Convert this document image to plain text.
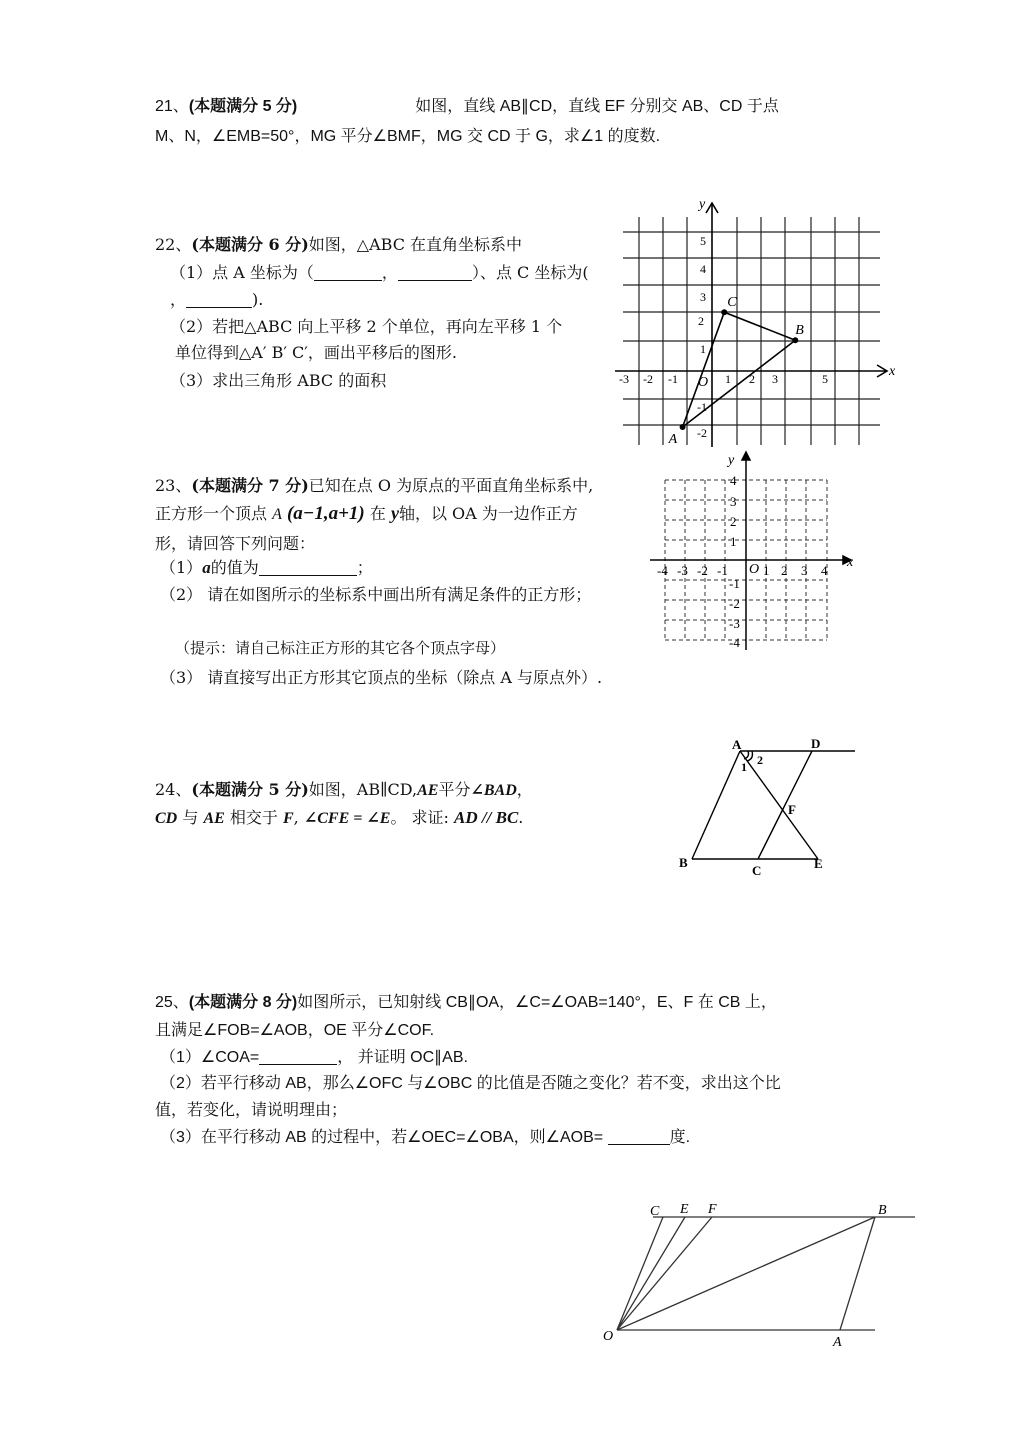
21、(本题满分 5 分)	如图，直线 AB∥CD，直线 EF 分别交 AB、CD 于点
M、N，∠EMB=50°，MG 平分∠BMF，MG 交 CD 于 G，求∠1 的度数.
22、(本题满分 6 分)如图，△ABC 在直角坐标系中
（1）点 A 坐标为（	，	）、点 C 坐标为(
，	).
（2）若把△ABC 向上平移 2 个单位，再向左平移 1 个
单位得到△A′ B′ C′，画出平移后的图形.
（3）求出三角形 ABC 的面积	x
y
O
-3 -2 -1	1 2 3	5
5
4
3
2
1
-1
-2
A
B
C
23、(本题满分 7 分)已知在点 O 为原点的平面直角坐标系中,
正方形一个顶点 A (a−1,a+1) 在 y轴，以 OA 为一边作正方
形，请回答下列问题：
（1）a的值为	；
（2） 请在如图所示的坐标系中画出所有满足条件的正方形；
（提示：请自己标注正方形的其它各个顶点字母）
（3） 请直接写出正方形其它顶点的坐标（除点 A 与原点外）.
x
y
O
-4 -3 -2 -1	1 2 3 4
4
3
2
1
-1
-2
-3
-4
24、(本题满分 5 分)如图，AB∥CD,AE平分∠BAD，
CD 与 AE 相交于 F, ∠CFE = ∠E。 求证: AD // BC.
A	D
1 2
F
B
C	E
25、(本题满分 8 分)如图所示，已知射线 CB∥OA，∠C=∠OAB=140°，E、F 在 CB 上，
且满足∠FOB=∠AOB，OE 平分∠COF.
（1）∠COA=	， 并证明 OC∥AB.
（2）若平行移动 AB，那么∠OFC 与∠OBC 的比值是否随之变化？若不变，求出这个比
值，若变化，请说明理由；
（3）在平行移动 AB 的过程中，若∠OEC=∠OBA，则∠AOB=	度.
C E F	B
O	A
